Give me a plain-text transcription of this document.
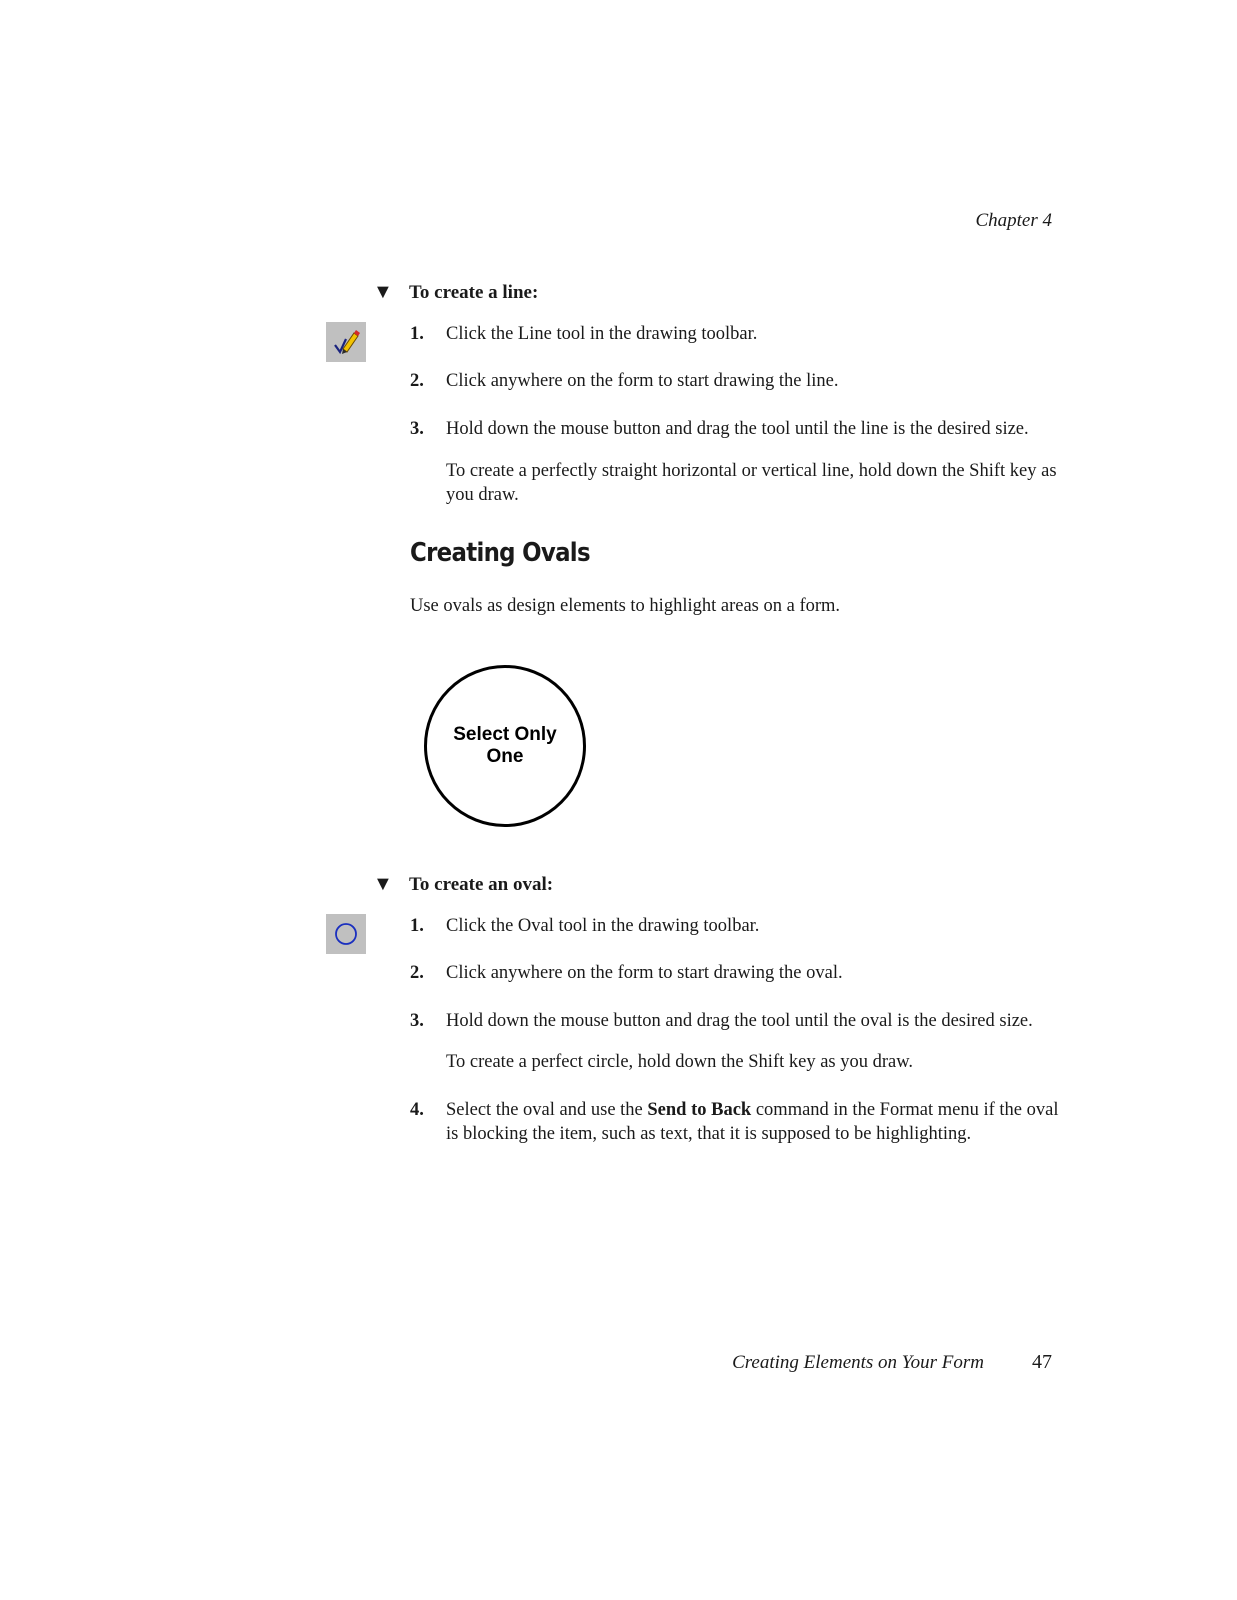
Chapter 4
▼ To create a line:
1. Click the Line tool in the drawing toolbar.
2. Click anywhere on the form to start drawing the line.
3. Hold down the mouse button and drag the tool until the line is the desired size.
To create a perfectly straight horizontal or vertical line, hold down the Shift key as you draw.
Creating Ovals
Use ovals as design elements to highlight areas on a form.
Select Only
One
▼ To create an oval:
1. Click the Oval tool in the drawing toolbar.
2. Click anywhere on the form to start drawing the oval.
3. Hold down the mouse button and drag the tool until the oval is the desired size.
To create a perfect circle, hold down the Shift key as you draw.
4. Select the oval and use the Send to Back command in the Format menu if the oval is blocking the item, such as text, that it is supposed to be highlighting.
Creating Elements on Your Form 47
